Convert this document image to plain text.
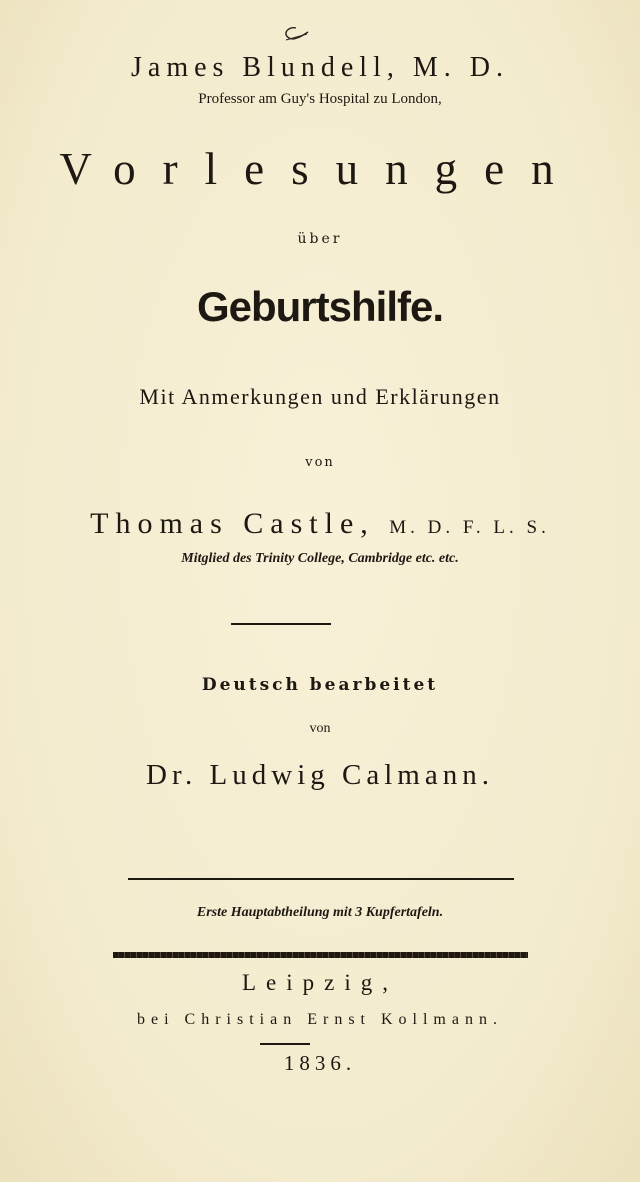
James Blundell, M. D.
Professor am Guy's Hospital zu London,
Vorlesungen
über
Geburtshilfe.
Mit Anmerkungen und Erklärungen
von
Thomas Castle, M. D. F. L. S.
Mitglied des Trinity College, Cambridge etc. etc.
Deutsch bearbeitet
von
Dr. Ludwig Calmann.
Erste Hauptabtheilung mit 3 Kupfertafeln.
Leipzig,
bei Christian Ernst Kollmann.
1836.
